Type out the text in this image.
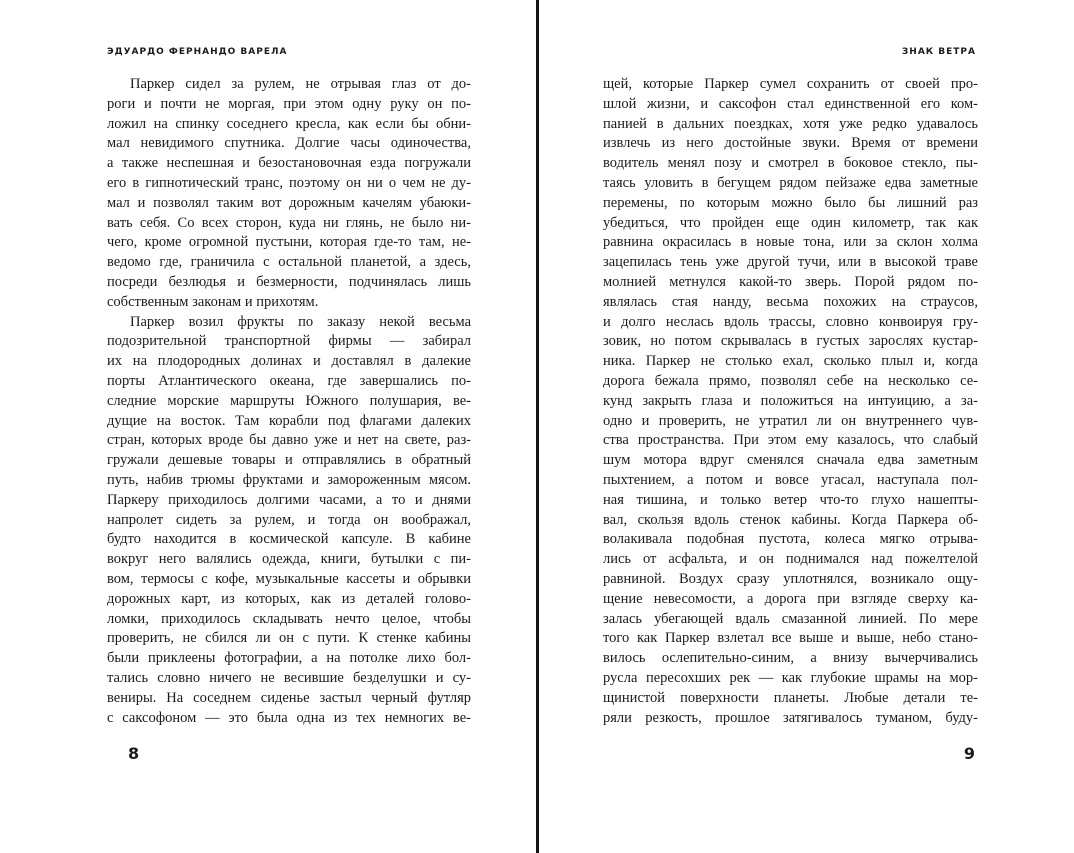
ЭДУАРДО ФЕРНАНДО ВАРЕЛА
Паркер сидел за рулем, не отрывая глаз от до-
роги и почти не моргая, при этом одну руку он по-
ложил на спинку соседнего кресла, как если бы обни-
мал невидимого спутника. Долгие часы одиночества,
а также неспешная и безостановочная езда погружали
его в гипнотический транс, поэтому он ни о чем не ду-
мал и позволял таким вот дорожным качелям убаюки-
вать себя. Со всех сторон, куда ни глянь, не было ни-
чего, кроме огромной пустыни, которая где-то там, не-
ведомо где, граничила с остальной планетой, а здесь,
посреди безлюдья и безмерности, подчинялась лишь
собственным законам и прихотям.
Паркер возил фрукты по заказу некой весьма
подозрительной транспортной фирмы — забирал
их на плодородных долинах и доставлял в далекие
порты Атлантического океана, где завершались по-
следние морские маршруты Южного полушария, ве-
дущие на восток. Там корабли под флагами далеких
стран, которых вроде бы давно уже и нет на свете, раз-
гружали дешевые товары и отправлялись в обратный
путь, набив трюмы фруктами и замороженным мясом.
Паркеру приходилось долгими часами, а то и днями
напролет сидеть за рулем, и тогда он воображал,
будто находится в космической капсуле. В кабине
вокруг него валялись одежда, книги, бутылки с пи-
вом, термосы с кофе, музыкальные кассеты и обрывки
дорожных карт, из которых, как из деталей голово-
ломки, приходилось складывать нечто целое, чтобы
проверить, не сбился ли он с пути. К стенке кабины
были приклеены фотографии, а на потолке лихо бол-
тались словно ничего не весившие безделушки и су-
вениры. На соседнем сиденье застыл черный футляр
с саксофоном — это была одна из тех немногих ве-
8
ЗНАК ВЕТРА
щей, которые Паркер сумел сохранить от своей про-
шлой жизни, и саксофон стал единственной его ком-
панией в дальних поездках, хотя уже редко удавалось
извлечь из него достойные звуки. Время от времени
водитель менял позу и смотрел в боковое стекло, пы-
таясь уловить в бегущем рядом пейзаже едва заметные
перемены, по которым можно было бы лишний раз
убедиться, что пройден еще один километр, так как
равнина окрасилась в новые тона, или за склон холма
зацепилась тень уже другой тучи, или в высокой траве
молнией метнулся какой-то зверь. Порой рядом по-
являлась стая нанду, весьма похожих на страусов,
и долго неслась вдоль трассы, словно конвоируя гру-
зовик, но потом скрывалась в густых зарослях кустар-
ника. Паркер не столько ехал, сколько плыл и, когда
дорога бежала прямо, позволял себе на несколько се-
кунд закрыть глаза и положиться на интуицию, а за-
одно и проверить, не утратил ли он внутреннего чув-
ства пространства. При этом ему казалось, что слабый
шум мотора вдруг сменялся сначала едва заметным
пыхтением, а потом и вовсе угасал, наступала пол-
ная тишина, и только ветер что-то глухо нашепты-
вал, скользя вдоль стенок кабины. Когда Паркера об-
волакивала подобная пустота, колеса мягко отрыва-
лись от асфальта, и он поднимался над пожелтелой
равниной. Воздух сразу уплотнялся, возникало ощу-
щение невесомости, а дорога при взгляде сверху ка-
залась убегающей вдаль смазанной линией. По мере
того как Паркер взлетал все выше и выше, небо стано-
вилось ослепительно-синим, а внизу вычерчивались
русла пересохших рек — как глубокие шрамы на мор-
щинистой поверхности планеты. Любые детали те-
ряли резкость, прошлое затягивалось туманом, буду-
9
